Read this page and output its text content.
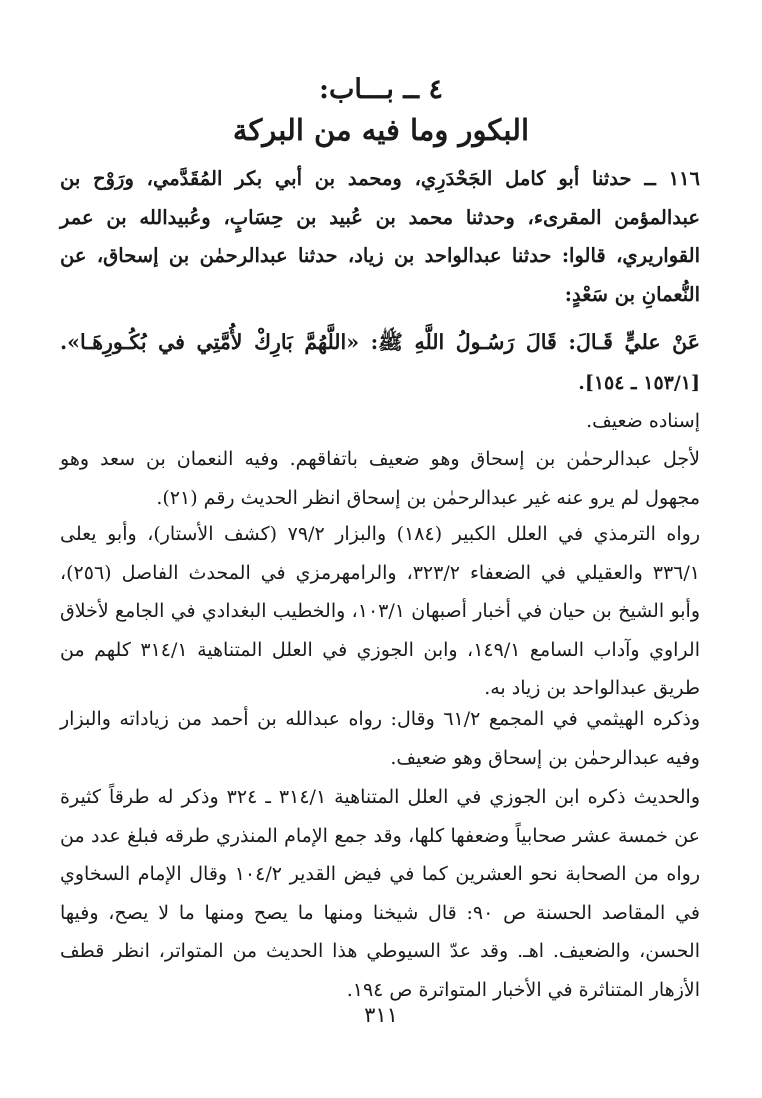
٤ ــ بـــاب:
البكور وما فيه من البركة
١١٦ ــ حدثنا أبو كامل الجَحْدَرِي، ومحمد بن أبي بكر المُقَدَّمي، ورَوْح بن عبدالمؤمن المقرىء، وحدثنا محمد بن عُبيد بن حِسَابٍ، وعُبيدالله بن عمر القواريري، قالوا: حدثنا عبدالواحد بن زياد، حدثنا عبدالرحمٰن بن إسحاق، عن النُّعمانِ بن سَعْدٍ:
عَنْ عليٍّ قَـالَ: قَالَ رَسُـولُ اللَّهِ ﷺ: «اللَّهُمَّ بَارِكْ لأُمَّتِي في بُكُـورِهَـا». [١٥٣/١ ـ ١٥٤].
إسناده ضعيف.
لأجل عبدالرحمٰن بن إسحاق وهو ضعيف باتفاقهم. وفيه النعمان بن سعد وهو مجهول لم يرو عنه غير عبدالرحمٰن بن إسحاق انظر الحديث رقم (٢١).
رواه الترمذي في العلل الكبير (١٨٤) والبزار ٧٩/٢ (كشف الأستار)، وأبو يعلى ٣٣٦/١ والعقيلي في الضعفاء ٣٢٣/٢، والرامهرمزي في المحدث الفاصل (٢٥٦)، وأبو الشيخ بن حيان في أخبار أصبهان ١٠٣/١، والخطيب البغدادي في الجامع لأخلاق الراوي وآداب السامع ١٤٩/١، وابن الجوزي في العلل المتناهية ٣١٤/١ كلهم من طريق عبدالواحد بن زياد به.
وذكره الهيثمي في المجمع ٦١/٢ وقال: رواه عبدالله بن أحمد من زياداته والبزار وفيه عبدالرحمٰن بن إسحاق وهو ضعيف.
والحديث ذكره ابن الجوزي في العلل المتناهية ٣١٤/١ ـ ٣٢٤ وذكر له طرقاً كثيرة عن خمسة عشر صحابياً وضعفها كلها، وقد جمع الإمام المنذري طرقه فبلغ عدد من رواه من الصحابة نحو العشرين كما في فيض القدير ١٠٤/٢ وقال الإمام السخاوي في المقاصد الحسنة ص ٩٠: قال شيخنا ومنها ما يصح ومنها ما لا يصح، وفيها الحسن، والضعيف. اهـ. وقد عدّ السيوطي هذا الحديث من المتواتر، انظر قطف الأزهار المتناثرة في الأخبار المتواترة ص ١٩٤.
٣١١
